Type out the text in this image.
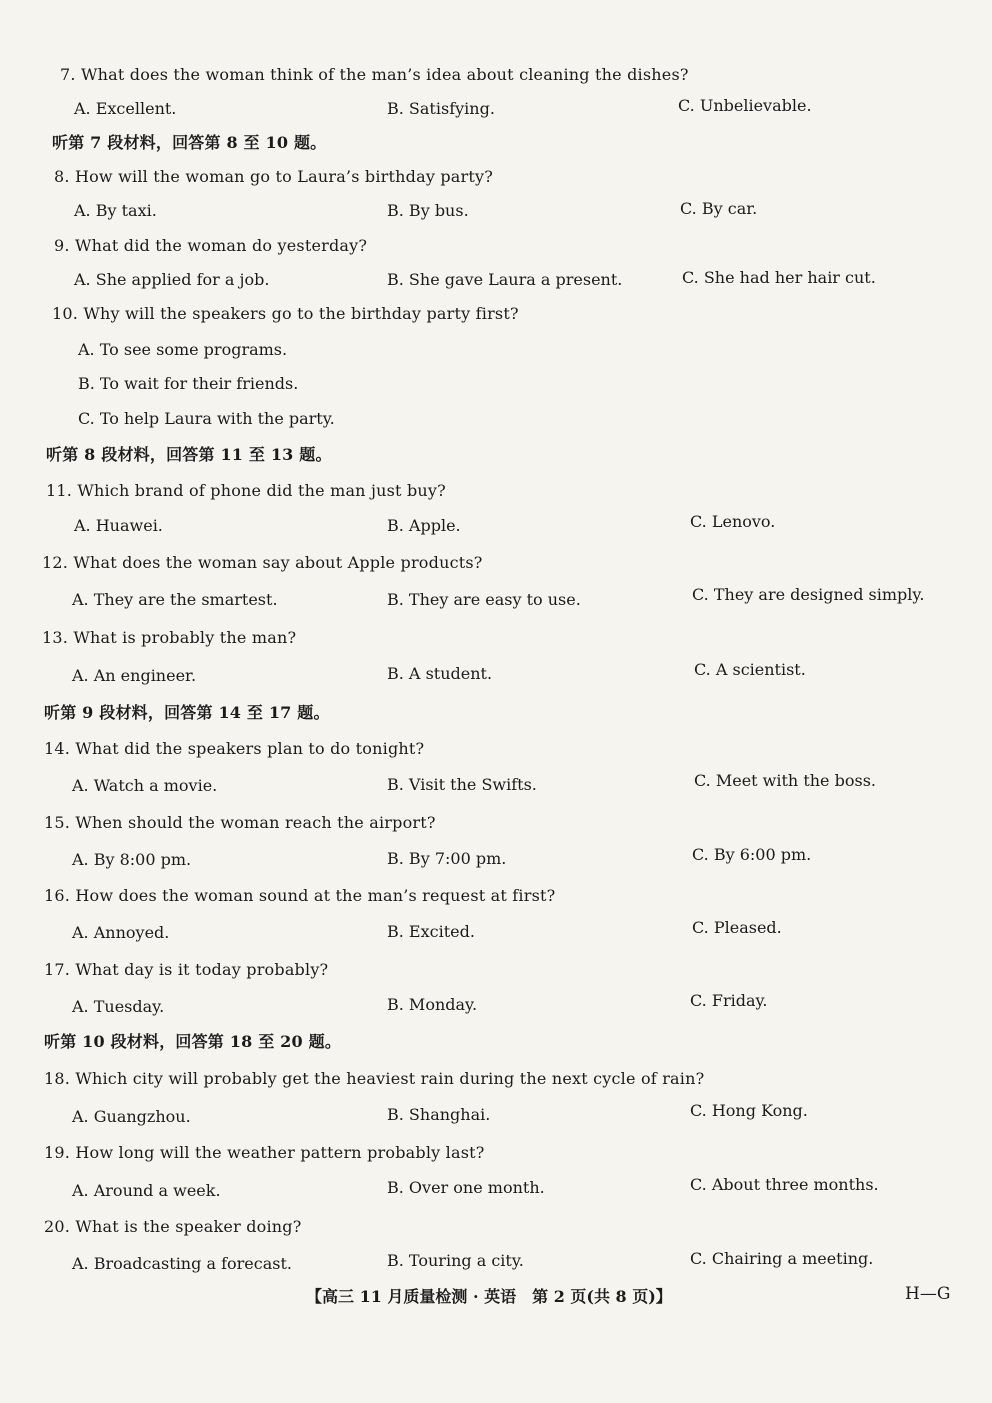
7. What does the woman think of the man’s idea about cleaning the dishes?
A. Excellent.	B. Satisfying.	C. Unbelievable.
听第 7 段材料，回答第 8 至 10 题。
8. How will the woman go to Laura’s birthday party?
A. By taxi.	B. By bus.	C. By car.
9. What did the woman do yesterday?
A. She applied for a job.	B. She gave Laura a present.	C. She had her hair cut.
10. Why will the speakers go to the birthday party first?
A. To see some programs.
B. To wait for their friends.
C. To help Laura with the party.
听第 8 段材料，回答第 11 至 13 题。
11. Which brand of phone did the man just buy?
A. Huawei.	B. Apple.	C. Lenovo.
12. What does the woman say about Apple products?
A. They are the smartest.	B. They are easy to use.	C. They are designed simply.
13. What is probably the man?
A. An engineer.	B. A student.	C. A scientist.
听第 9 段材料，回答第 14 至 17 题。
14. What did the speakers plan to do tonight?
A. Watch a movie.	B. Visit the Swifts.	C. Meet with the boss.
15. When should the woman reach the airport?
A. By 8:00 pm.	B. By 7:00 pm.	C. By 6:00 pm.
16. How does the woman sound at the man’s request at first?
A. Annoyed.	B. Excited.	C. Pleased.
17. What day is it today probably?
A. Tuesday.	B. Monday.	C. Friday.
听第 10 段材料，回答第 18 至 20 题。
18. Which city will probably get the heaviest rain during the next cycle of rain?
A. Guangzhou.	B. Shanghai.	C. Hong Kong.
19. How long will the weather pattern probably last?
A. Around a week.	B. Over one month.	C. About three months.
20. What is the speaker doing?
A. Broadcasting a forecast.	B. Touring a city.	C. Chairing a meeting.
【高三 11 月质量检测 · 英语　第 2 页(共 8 页)】	H—G
